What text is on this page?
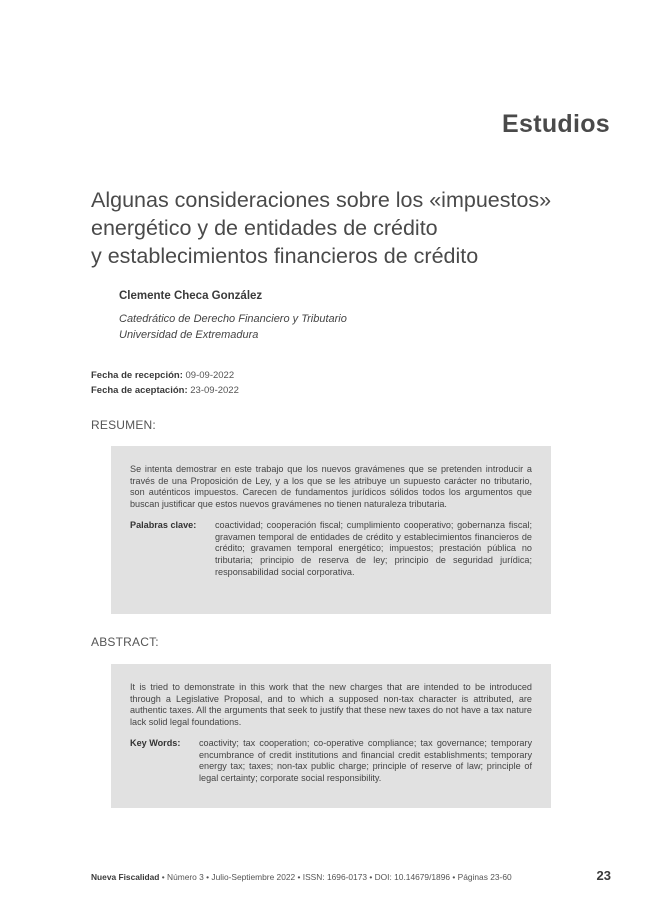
Estudios
Algunas consideraciones sobre los «impuestos»
energético y de entidades de crédito
y establecimientos financieros de crédito
Clemente Checa González
Catedrático de Derecho Financiero y Tributario
Universidad de Extremadura
Fecha de recepción: 09-09-2022
Fecha de aceptación: 23-09-2022
RESUMEN:

Se intenta demostrar en este trabajo que los nuevos gravámenes que se pretenden introducir a través de una Proposición de Ley, y a los que se les atribuye un supuesto carácter no tributario, son auténticos impuestos. Carecen de fundamentos jurídicos sólidos todos los argumentos que buscan justificar que estos nuevos gravámenes no tienen naturaleza tributaria.

Palabras clave:	coactividad; cooperación fiscal; cumplimiento cooperativo; gobernanza fiscal; gravamen temporal de entidades de crédito y establecimientos financieros de crédito; gravamen temporal energético; impuestos; prestación pública no tributaria; principio de reserva de ley; principio de seguridad jurídica; responsabilidad social corporativa.
ABSTRACT:

It is tried to demonstrate in this work that the new charges that are intended to be introduced through a Legislative Proposal, and to which a supposed non-tax character is attributed, are authentic taxes. All the arguments that seek to justify that these new taxes do not have a tax nature lack solid legal foundations.

Key Words:	coactivity; tax cooperation; co-operative compliance; tax governance; temporary encumbrance of credit institutions and financial credit establishments; temporary energy tax; taxes; non-tax public charge; principle of reserve of law; principle of legal certainty; corporate social responsibility.
Nueva Fiscalidad • Número 3 • Julio-Septiembre 2022 • ISSN: 1696-0173 • DOI: 10.14679/1896 • Páginas 23-60	23
